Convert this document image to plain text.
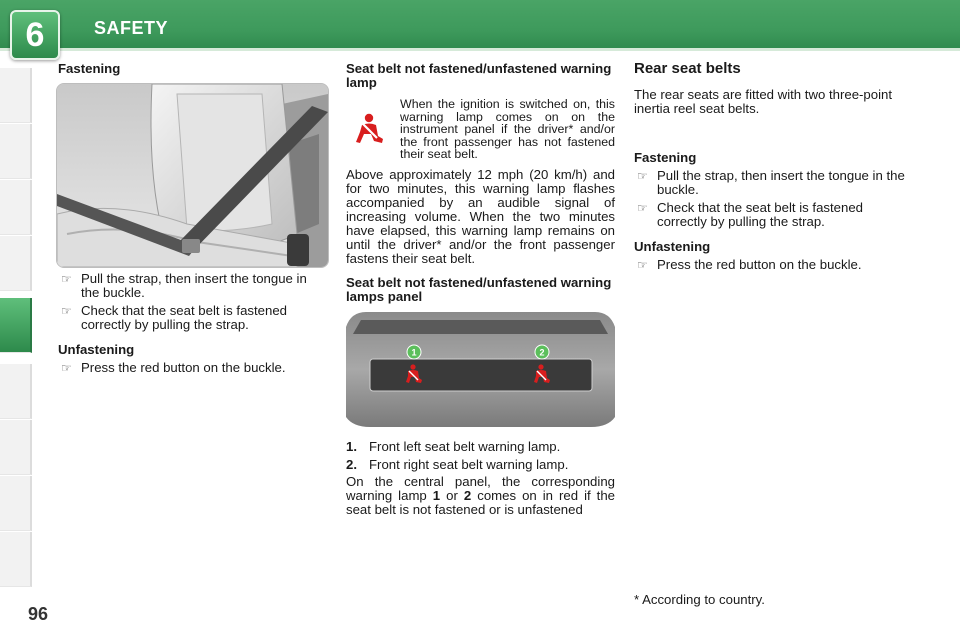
6	SAFETY
Fastening
☞ Pull the strap, then insert the tongue in the buckle.
☞ Check that the seat belt is fastened correctly by pulling the strap.
Unfastening
☞ Press the red button on the buckle.
Seat belt not fastened/unfastened warning lamp
When the ignition is switched on, this warning lamp comes on on the instrument panel if the driver* and/or the front passenger has not fastened their seat belt.
Above approximately 12 mph (20 km/h) and for two minutes, this warning lamp flashes accompanied by an audible signal of increasing volume. When the two minutes have elapsed, this warning lamp remains on until the driver* and/or the front passenger fastens their seat belt.
Seat belt not fastened/unfastened warning lamps panel
1	2
1. Front left seat belt warning lamp.
2. Front right seat belt warning lamp.
On the central panel, the corresponding warning lamp 1 or 2 comes on in red if the seat belt is not fastened or is unfastened
Rear seat belts
The rear seats are fitted with two three-point inertia reel seat belts.
Fastening
☞ Pull the strap, then insert the tongue in the buckle.
☞ Check that the seat belt is fastened correctly by pulling the strap.
Unfastening
☞ Press the red button on the buckle.
* According to country.
96
